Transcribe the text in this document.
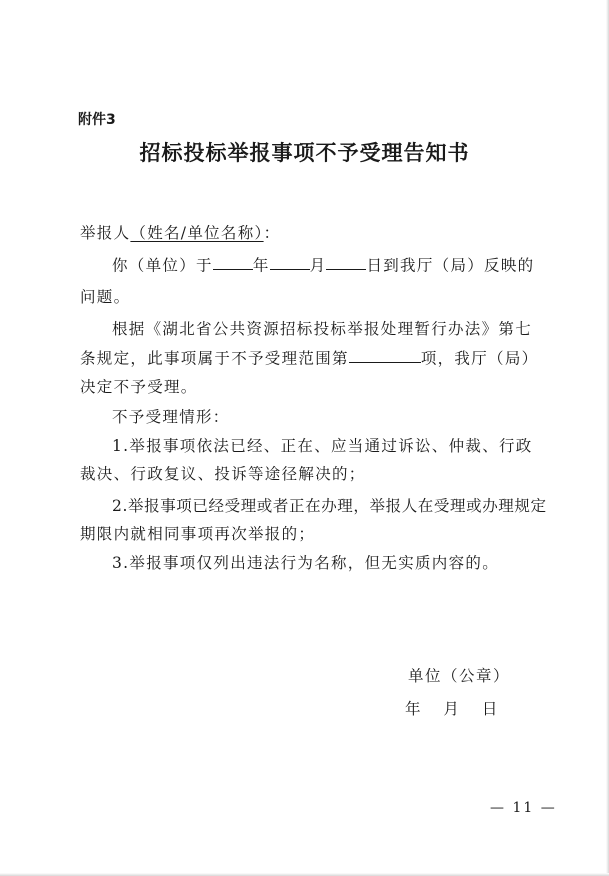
附件3
招标投标举报事项不予受理告知书
举报人（姓名/单位名称）：
你（单位）于	年	月	日到我厅（局）反映的
问题。
根据《湖北省公共资源招标投标举报处理暂行办法》第七
条规定，此事项属于不予受理范围第	项，我厅（局）
决定不予受理。
不予受理情形：
1.举报事项依法已经、正在、应当通过诉讼、仲裁、行政
裁决、行政复议、投诉等途径解决的；
2.举报事项已经受理或者正在办理，举报人在受理或办理规定
期限内就相同事项再次举报的；
3.举报事项仅列出违法行为名称，但无实质内容的。
单位（公章）
年 月 日
— 11 —
